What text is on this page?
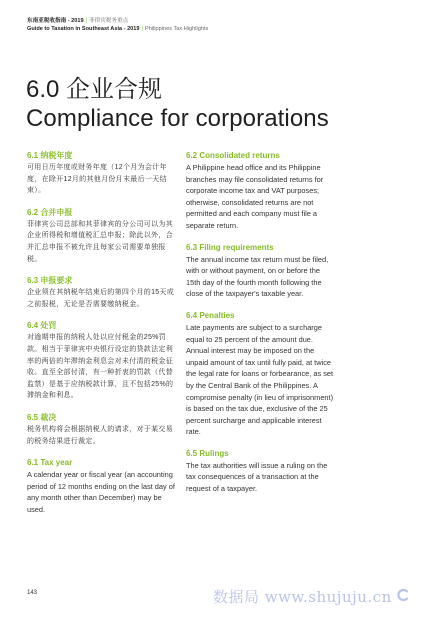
东南亚税收指南 - 2019 | 菲律宾税务重点
Guide to Taxation in Southeast Asia - 2019 | Philippines Tax Highlights
6.0 企业合规
Compliance for corporations
6.1 纳税年度

可用日历年度或财务年度（12个月为会计年度，在除开12月的其他月份月末最后一天结束）。

6.2 合并申报

菲律宾公司总部和其菲律宾的分公司可以为其企业所得税和增值税汇总申报；除此以外，合并汇总申报不被允许且每家公司需要单独报税。

6.3 申报要求

企业须在其纳税年结束后的第四个月的15天或之前报税，无论是否需要缴纳税金。

6.4 处罚

对逾期申报的纳税人处以应付税金的25%罚款。相当于菲律宾中央银行设定的贷款法定利率的两倍的年滞纳金利息会对未付清的税金征收。直至全部付清，有一种折衷的罚款（代替监禁）是基于应纳税款计算，且不包括25%的滞纳金和利息。

6.5 裁决

税务机构将会根据纳税人的请求，对于某交易的税务结果进行裁定。

6.1 Tax year

A calendar year or fiscal year (an accounting period of 12 months ending on the last day of any month other than December) may be used.

6.2 Consolidated returns

A Philippine head office and its Philippine branches may file consolidated returns for corporate income tax and VAT purposes; otherwise, consolidated returns are not permitted and each company must file a separate return.

6.3 Filing requirements

The annual income tax return must be filed, with or without payment, on or before the 15th day of the fourth month following the close of the taxpayer's taxable year.

6.4 Penalties

Late payments are subject to a surcharge equal to 25 percent of the amount due. Annual interest may be imposed on the unpaid amount of tax until fully paid, at twice the legal rate for loans or forbearance, as set by the Central Bank of the Philippines. A compromise penalty (in lieu of imprisonment) is based on the tax due, exclusive of the 25 percent surcharge and applicable interest rate.

6.5 Rulings

The tax authorities will issue a ruling on the tax consequences of a transaction at the request of a taxpayer.

143	数据局 www.shujuju.cn
